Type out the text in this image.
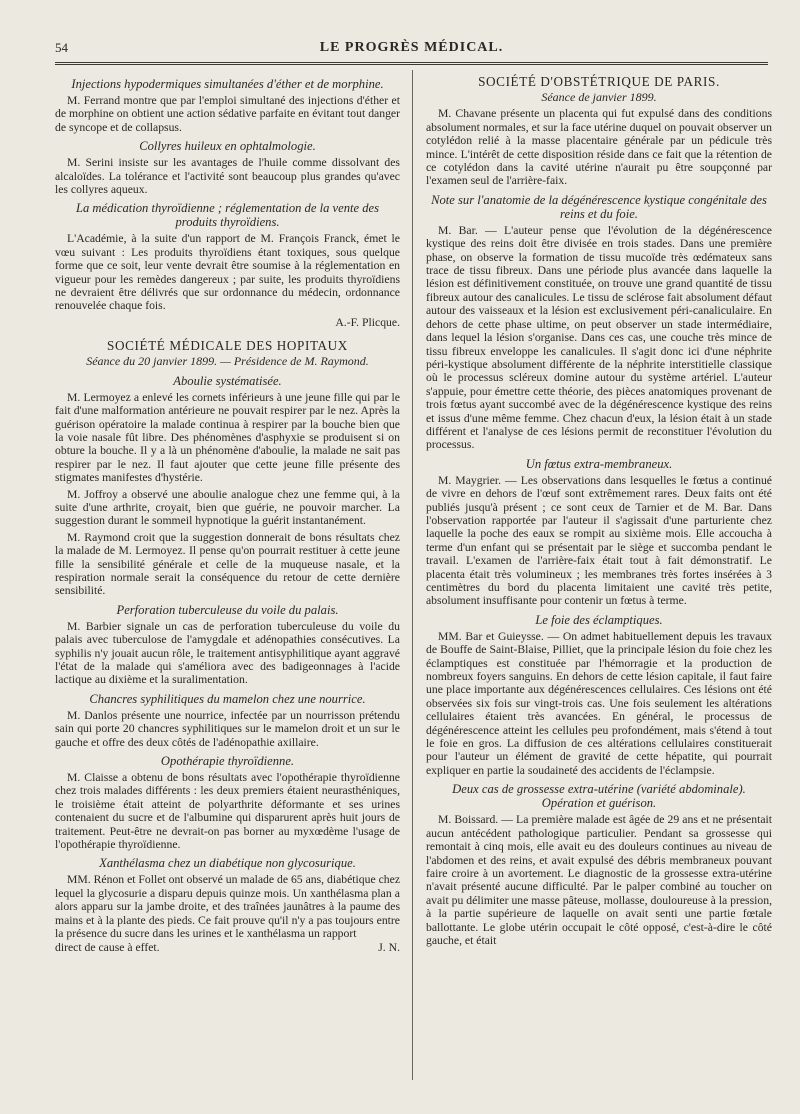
54	LE PROGRÈS MÉDICAL.
Injections hypodermiques simultanées d'éther et de morphine.

M. Ferrand montre que par l'emploi simultané des injections d'éther et de morphine on obtient une action sédative parfaite en évitant tout danger de syncope et de collapsus.

Collyres huileux en ophtalmologie.

M. Serini insiste sur les avantages de l'huile comme dissolvant des alcaloïdes. La tolérance et l'activité sont beaucoup plus grandes qu'avec les collyres aqueux.

La médication thyroïdienne ; réglementation de la vente des produits thyroïdiens.

L'Académie, à la suite d'un rapport de M. François Franck, émet le vœu suivant : Les produits thyroïdiens étant toxiques, sous quelque forme que ce soit, leur vente devrait être soumise à la réglementation en vigueur pour les remèdes dangereux ; par suite, les produits thyroïdiens ne devraient être délivrés que sur ordonnance du médecin, ordonnance renouvelée chaque fois.

A.-F. Plicque.
SOCIÉTÉ MÉDICALE DES HOPITAUX
Séance du 20 janvier 1899. — Présidence de M. Raymond.
Aboulie systématisée.

M. Lermoyez a enlevé les cornets inférieurs à une jeune fille qui par le fait d'une malformation antérieure ne pouvait respirer par le nez. Après la guérison opératoire la malade continua à respirer par la bouche bien que la voie nasale fût libre. Des phénomènes d'asphyxie se produisent si on obture la bouche. Il y a là un phénomène d'aboulie, la malade ne sait pas respirer par le nez. Il faut ajouter que cette jeune fille présente des stigmates manifestes d'hystérie.

M. Joffroy a observé une aboulie analogue chez une femme qui, à la suite d'une arthrite, croyait, bien que guérie, ne pouvoir marcher. La suggestion durant le sommeil hypnotique la guérit instantanément.

M. Raymond croit que la suggestion donnerait de bons résultats chez la malade de M. Lermoyez. Il pense qu'on pourrait restituer à cette jeune fille la sensibilité générale et celle de la muqueuse nasale, et la respiration normale serait la conséquence du retour de cette dernière sensibilité.

Perforation tuberculeuse du voile du palais.

M. Barbier signale un cas de perforation tuberculeuse du voile du palais avec tuberculose de l'amygdale et adénopathies consécutives. La syphilis n'y jouait aucun rôle, le traitement antisyphilitique ayant aggravé l'état de la malade qui s'améliora avec des badigeonnages à l'acide lactique au dixième et la suralimentation.

Chancres syphilitiques du mamelon chez une nourrice.

M. Danlos présente une nourrice, infectée par un nourrisson prétendu sain qui porte 20 chancres syphilitiques sur le mamelon droit et un sur le gauche et offre des deux côtés de l'adénopathie axillaire.

Opothérapie thyroïdienne.

M. Claisse a obtenu de bons résultats avec l'opothérapie thyroïdienne chez trois malades différents : les deux premiers étaient neurasthéniques, le troisième était atteint de polyarthrite déformante et ses urines contenaient du sucre et de l'albumine qui disparurent après huit jours de traitement. Peut-être ne devrait-on pas borner au myxœdème l'usage de l'opothérapie thyroïdienne.

Xanthélasma chez un diabétique non glycosurique.

MM. Rénon et Follet ont observé un malade de 65 ans, diabétique chez lequel la glycosurie a disparu depuis quinze mois. Un xanthélasma plan a alors apparu sur la jambe droite, et des traînées jaunâtres à la paume des mains et à la plante des pieds. Ce fait prouve qu'il n'y a pas toujours entre la présence du sucre dans les urines et le xanthélasma un rapport

direct de cause à effet.	J. N.
SOCIÉTÉ D'OBSTÉTRIQUE DE PARIS.
Séance de janvier 1899.

M. Chavane présente un placenta qui fut expulsé dans des conditions absolument normales, et sur la face utérine duquel on pouvait observer un cotylédon relié à la masse placentaire générale par un pédicule très mince. L'intérêt de cette disposition réside dans ce fait que la rétention de ce cotylédon dans la cavité utérine n'aurait pu être soupçonné par l'examen seul de l'arrière-faix.

Note sur l'anatomie de la dégénérescence kystique congénitale des reins et du foie.

M. Bar. — L'auteur pense que l'évolution de la dégénérescence kystique des reins doit être divisée en trois stades. Dans une première phase, on observe la formation de tissu mucoïde très œdémateux sans trace de tissu fibreux. Dans une période plus avancée dans laquelle la lésion est définitivement constituée, on trouve une grand quantité de tissu fibreux autour des canalicules. Le tissu de sclérose fait absolument défaut autour des vaisseaux et la lésion est exclusivement péri-canaliculaire. En dehors de cette phase ultime, on peut observer un stade intermédiaire, dans lequel la lésion s'organise. Dans ces cas, une couche très mince de tissu fibreux enveloppe les canalicules. Il s'agit donc ici d'une néphrite péri-kystique absolument différente de la néphrite interstitielle classique où le processus scléreux domine autour du système artériel. L'auteur s'appuie, pour émettre cette théorie, des pièces anatomiques provenant de trois fœtus ayant succombé avec de la dégénérescence kystique des reins et issus d'une même femme. Chez chacun d'eux, la lésion était à un stade différent et l'analyse de ces lésions permit de reconstituer l'évolution du processus.

Un fœtus extra-membraneux.

M. Maygrier. — Les observations dans lesquelles le fœtus a continué de vivre en dehors de l'œuf sont extrêmement rares. Deux faits ont été publiés jusqu'à présent ; ce sont ceux de Tarnier et de M. Bar. Dans l'observation rapportée par l'auteur il s'agissait d'une parturiente chez laquelle la poche des eaux se rompit au sixième mois. Elle accoucha à terme d'un enfant qui se présentait par le siège et succomba pendant le travail. L'examen de l'arrière-faix était tout à fait démonstratif. Le placenta était très volumineux ; les membranes très fortes insérées à 3 centimètres du bord du placenta limitaient une cavité très petite, absolument insuffisante pour contenir un fœtus à terme.

Le foie des éclamptiques.

MM. Bar et Guieysse. — On admet habituellement depuis les travaux de Bouffe de Saint-Blaise, Pilliet, que la principale lésion du foie chez les éclamptiques est constituée par l'hémorragie et la production de nombreux foyers sanguins. En dehors de cette lésion capitale, il faut faire une place importante aux dégénérescences cellulaires. Ces lésions ont été observées six fois sur vingt-trois cas. Une fois seulement les altérations cellulaires étaient très avancées. En général, le processus de dégénérescence atteint les cellules peu profondément, mais s'étend à tout le foie en gros. La diffusion de ces altérations cellulaires constituerait pour l'auteur un élément de gravité de cette hépatite, qui pourrait expliquer en partie la soudaineté des accidents de l'éclampsie.

Deux cas de grossesse extra-utérine (variété abdominale). Opération et guérison.

M. Boissard. — La première malade est âgée de 29 ans et ne présentait aucun antécédent pathologique particulier. Pendant sa grossesse qui remontait à cinq mois, elle avait eu des douleurs continues au niveau de l'abdomen et des reins, et avait expulsé des débris membraneux pouvant faire croire à un avortement. Le diagnostic de la grossesse extra-utérine n'avait présenté aucune difficulté. Par le palper combiné au toucher on avait pu délimiter une masse pâteuse, mollasse, douloureuse à la pression, à la partie supérieure de laquelle on avait senti une partie fœtale ballottante. Le globe utérin occupait le côté opposé, c'est-à-dire le côté gauche, et était
